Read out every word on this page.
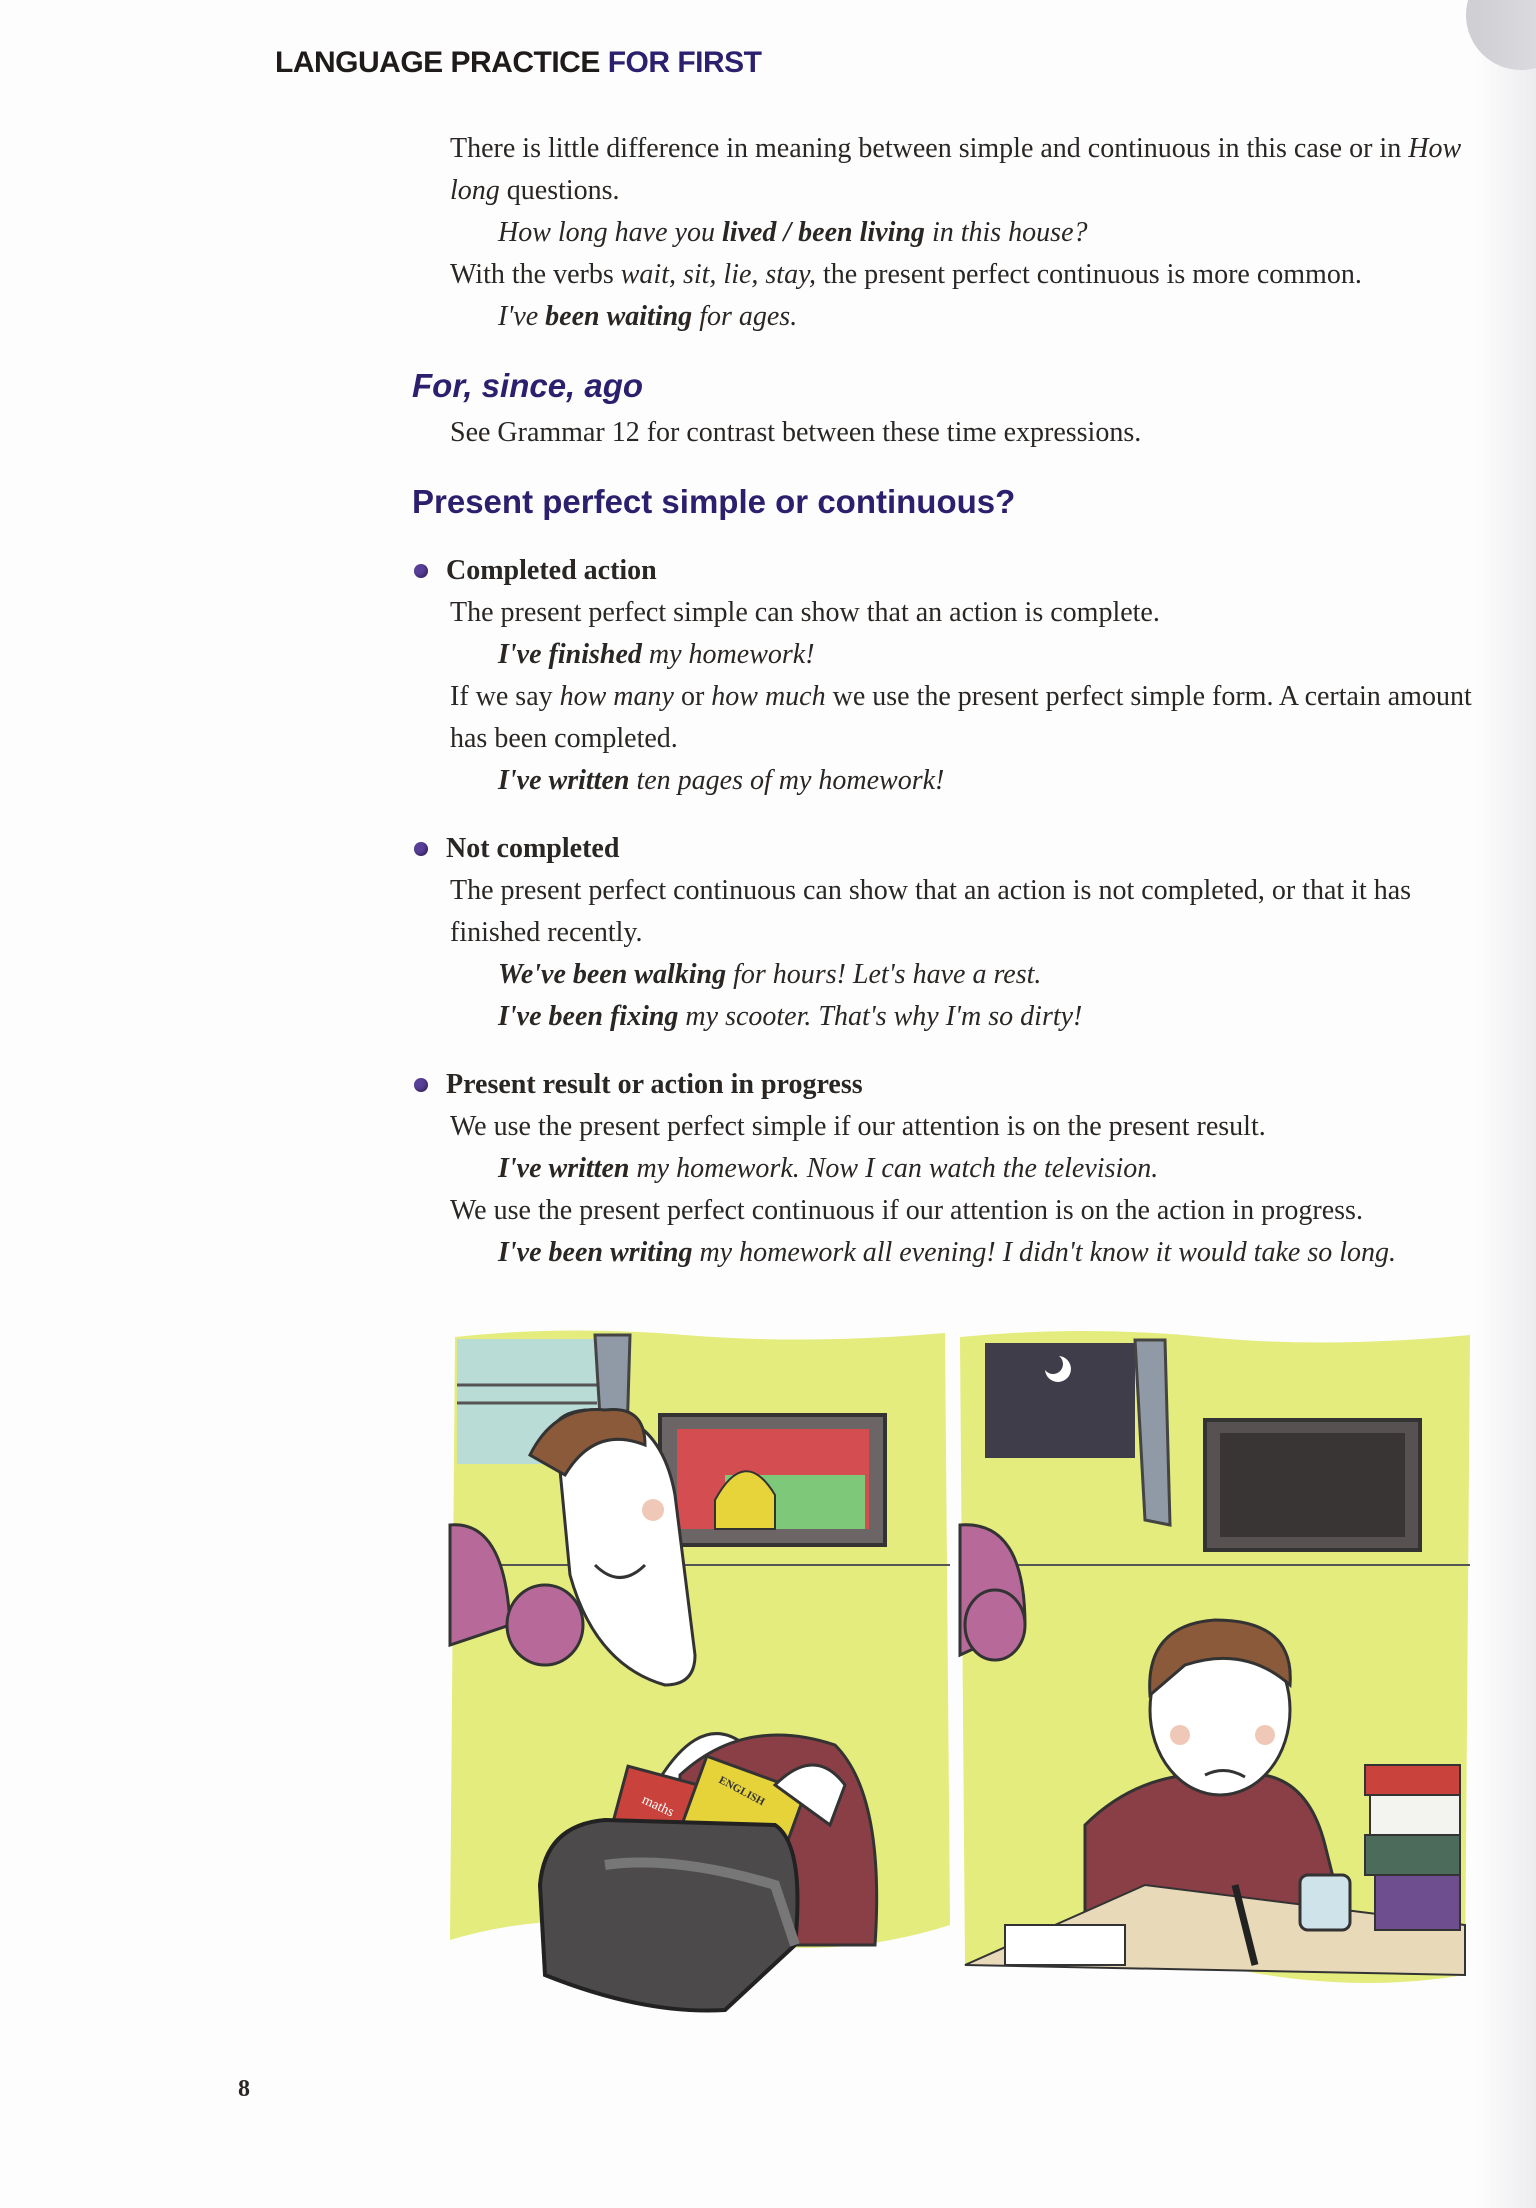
LANGUAGE PRACTICE FOR FIRST
There is little difference in meaning between simple and continuous in this case or in How long questions.
How long have you lived / been living in this house?
With the verbs wait, sit, lie, stay, the present perfect continuous is more common.
I've been waiting for ages.
For, since, ago
See Grammar 12 for contrast between these time expressions.
Present perfect simple or continuous?
Completed action
The present perfect simple can show that an action is complete.
I've finished my homework!
If we say how many or how much we use the present perfect simple form. A certain amount has been completed.
I've written ten pages of my homework!
Not completed
The present perfect continuous can show that an action is not completed, or that it has finished recently.
We've been walking for hours! Let's have a rest.
I've been fixing my scooter. That's why I'm so dirty!
Present result or action in progress
We use the present perfect simple if our attention is on the present result.
I've written my homework. Now I can watch the television.
We use the present perfect continuous if our attention is on the action in progress.
I've been writing my homework all evening! I didn't know it would take so long.
maths	ENGLISH
8
